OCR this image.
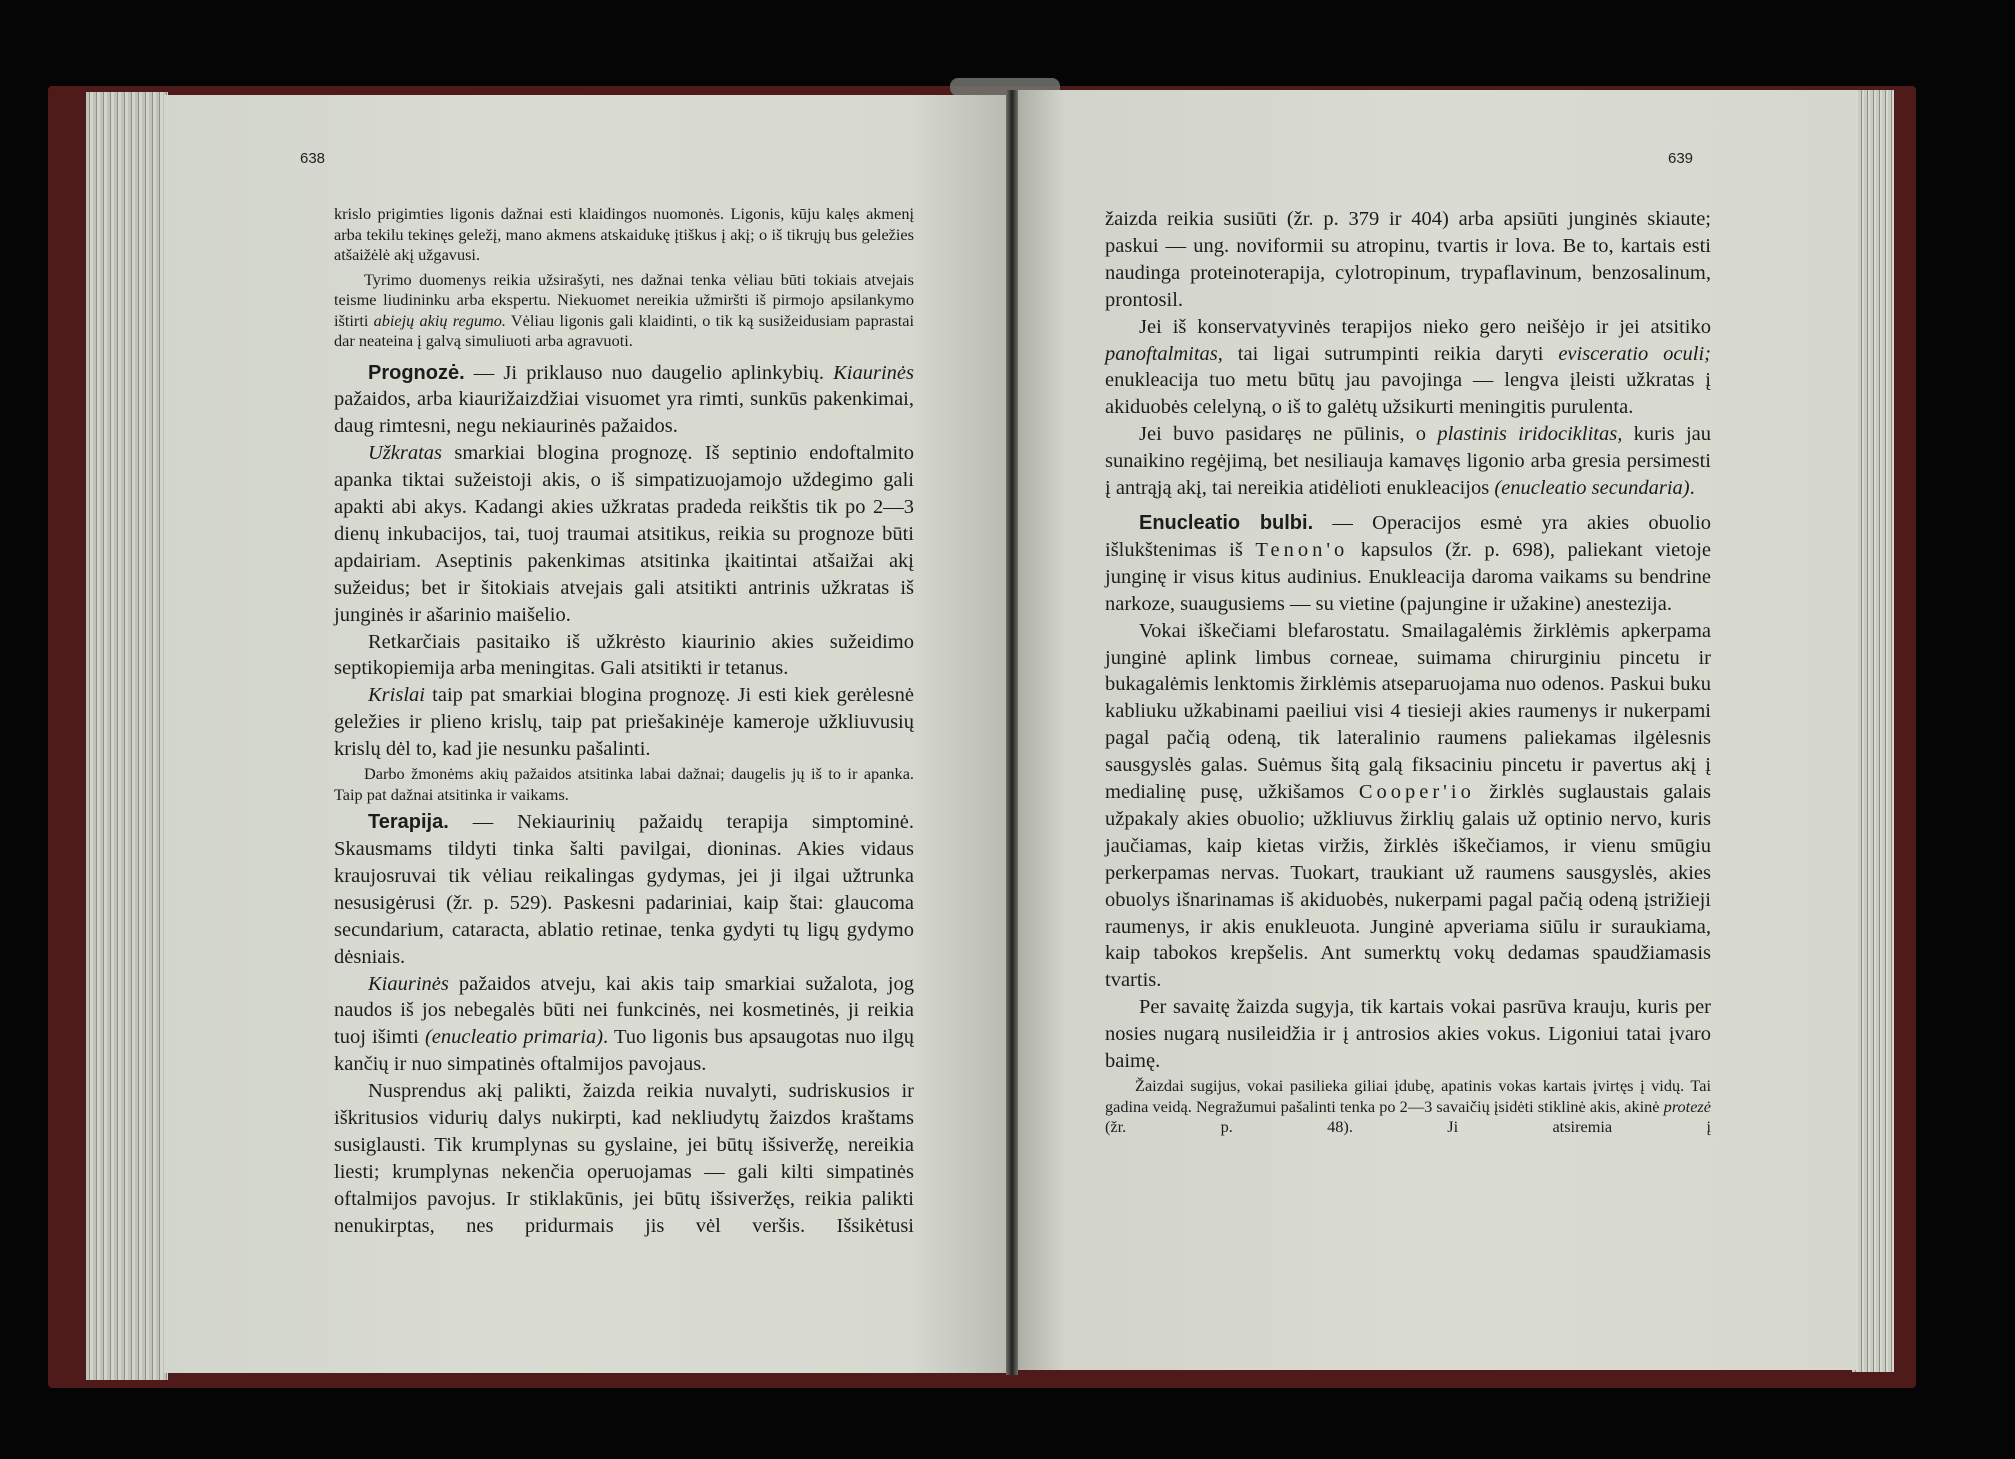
638

krislo prigimties ligonis dažnai esti klaidingos nuomonės. Ligonis, kūju kalęs akmenį arba tekilu tekinęs geležį, mano akmens atskaidukę įtiškus į akį; o iš tikrųjų bus geležies atšaižėlė akį užgavusi.

Tyrimo duomenys reikia užsirašyti, nes dažnai tenka vėliau būti tokiais atvejais teisme liudininku arba ekspertu. Niekuomet nereikia užmiršti iš pirmojo apsilankymo ištirti abiejų akių regumo. Vėliau ligonis gali klaidinti, o tik ką susižeidusiam paprastai dar neateina į galvą simuliuoti arba agravuoti.

Prognozė. — Ji priklauso nuo daugelio aplinkybių. Kiaurinės pažaidos, arba kiaurižaizdžiai visuomet yra rimti, sunkūs pakenkimai, daug rimtesni, negu nekiaurinės pažaidos.

Užkratas smarkiai blogina prognozę. Iš septinio endoftalmito apanka tiktai sužeistoji akis, o iš simpatizuojamojo uždegimo gali apakti abi akys. Kadangi akies užkratas pradeda reikštis tik po 2—3 dienų inkubacijos, tai, tuoj traumai atsitikus, reikia su prognoze būti apdairiam. Aseptinis pakenkimas atsitinka įkaitintai atšaižai akį sužeidus; bet ir šitokiais atvejais gali atsitikti antrinis užkratas iš junginės ir ašarinio maišelio.

Retkarčiais pasitaiko iš užkrėsto kiaurinio akies sužeidimo septikopiemija arba meningitas. Gali atsitikti ir tetanus.

Krislai taip pat smarkiai blogina prognozę. Ji esti kiek gerėlesnė geležies ir plieno krislų, taip pat priešakinėje kameroje užkliuvusių krislų dėl to, kad jie nesunku pašalinti.

Darbo žmonėms akių pažaidos atsitinka labai dažnai; daugelis jų iš to ir apanka. Taip pat dažnai atsitinka ir vaikams.

Terapija. — Nekiaurinių pažaidų terapija simptominė. Skausmams tildyti tinka šalti pavilgai, dioninas. Akies vidaus kraujosruvai tik vėliau reikalingas gydymas, jei ji ilgai užtrunka nesusigėrusi (žr. p. 529). Paskesni padariniai, kaip štai: glaucoma secundarium, cataracta, ablatio retinae, tenka gydyti tų ligų gydymo dėsniais.

Kiaurinės pažaidos atveju, kai akis taip smarkiai sužalota, jog naudos iš jos nebegalės būti nei funkcinės, nei kosmetinės, ji reikia tuoj išimti (enucleatio primaria). Tuo ligonis bus apsaugotas nuo ilgų kančių ir nuo simpatinės oftalmijos pavojaus.

Nusprendus akį palikti, žaizda reikia nuvalyti, sudriskusios ir iškritusios vidurių dalys nukirpti, kad nekliudytų žaizdos kraštams susiglausti. Tik krumplynas su gyslaine, jei būtų išsiveržę, nereikia liesti; krumplynas nekenčia operuojamas — gali kilti simpatinės oftalmijos pavojus. Ir stiklakūnis, jei būtų išsiveržęs, reikia palikti nenukirptas, nes pridurmais jis vėl veršis. Išsikėtusi

639

žaizda reikia susiūti (žr. p. 379 ir 404) arba apsiūti junginės skiaute; paskui — ung. noviformii su atropinu, tvartis ir lova. Be to, kartais esti naudinga proteinoterapija, cylotropinum, trypaflavinum, benzosalinum, prontosil.

Jei iš konservatyvinės terapijos nieko gero neišėjo ir jei atsitiko panoftalmitas, tai ligai sutrumpinti reikia daryti evisceratio oculi; enukleacija tuo metu būtų jau pavojinga — lengva įleisti užkratas į akiduobės celelyną, o iš to galėtų užsikurti meningitis purulenta.

Jei buvo pasidaręs ne pūlinis, o plastinis iridociklitas, kuris jau sunaikino regėjimą, bet nesiliauja kamavęs ligonio arba gresia persimesti į antrąją akį, tai nereikia atidėlioti enukleacijos (enucleatio secundaria).

Enucleatio bulbi. — Operacijos esmė yra akies obuolio išlukštenimas iš Tenon'o kapsulos (žr. p. 698), paliekant vietoje junginę ir visus kitus audinius. Enukleacija daroma vaikams su bendrine narkoze, suaugusiems — su vietine (pajungine ir užakine) anestezija.

Vokai iškečiami blefarostatu. Smailagalėmis žirklėmis apkerpama junginė aplink limbus corneae, suimama chirurginiu pincetu ir bukagalėmis lenktomis žirklėmis atseparuojama nuo odenos. Paskui buku kabliuku užkabinami paeiliui visi 4 tiesieji akies raumenys ir nukerpami pagal pačią odeną, tik lateralinio raumens paliekamas ilgėlesnis sausgyslės galas. Suėmus šitą galą fiksaciniu pincetu ir pavertus akį į medialinę pusę, užkišamos Cooper'io žirklės suglaustais galais užpakaly akies obuolio; užkliuvus žirklių galais už optinio nervo, kuris jaučiamas, kaip kietas viržis, žirklės iškečiamos, ir vienu smūgiu perkerpamas nervas. Tuokart, traukiant už raumens sausgyslės, akies obuolys išnarinamas iš akiduobės, nukerpami pagal pačią odeną įstrižieji raumenys, ir akis enukleuota. Junginė apveriama siūlu ir suraukiama, kaip tabokos krepšelis. Ant sumerktų vokų dedamas spaudžiamasis tvartis.

Per savaitę žaizda sugyja, tik kartais vokai pasrūva krauju, kuris per nosies nugarą nusileidžia ir į antrosios akies vokus. Ligoniui tatai įvaro baimę.

Žaizdai sugijus, vokai pasilieka giliai įdubę, apatinis vokas kartais įvirtęs į vidų. Tai gadina veidą. Negražumui pašalinti tenka po 2—3 savaičių įsidėti stiklinė akis, akinė protezė (žr. p. 48). Ji atsiremia į
